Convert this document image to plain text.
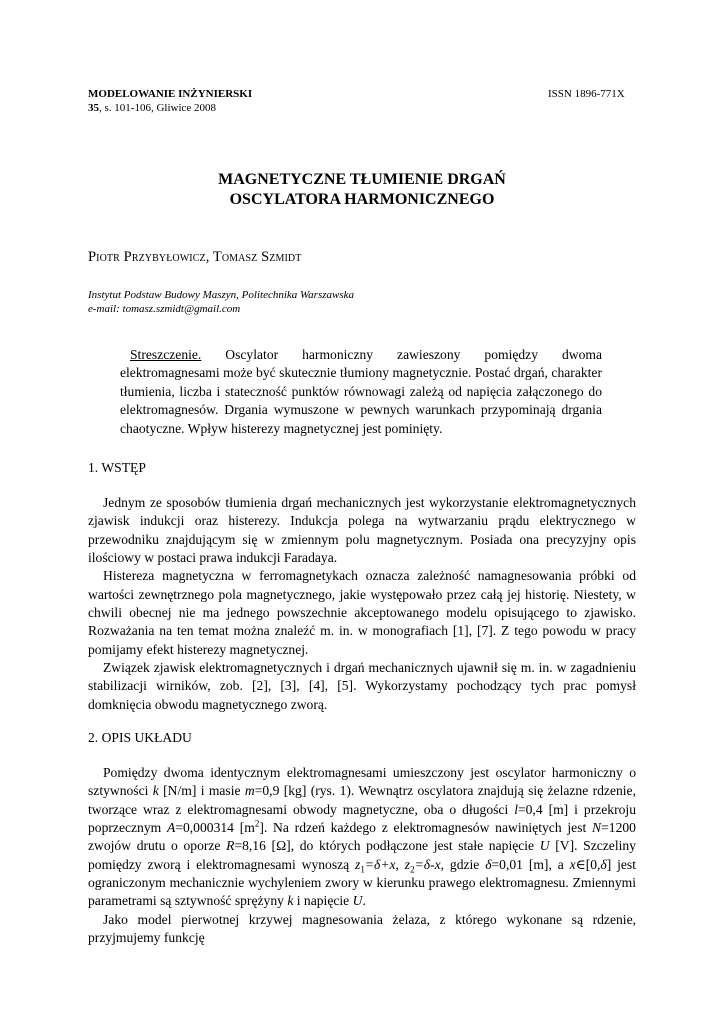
MODELOWANIE INŻYNIERSKI
35, s. 101-106, Gliwice 2008
ISSN 1896-771X
MAGNETYCZNE TŁUMIENIE DRGAŃ
OSCYLATORA HARMONICZNEGO
Piotr Przybyłowicz, Tomasz Szmidt
Instytut Podstaw Budowy Maszyn, Politechnika Warszawska
e-mail: tomasz.szmidt@gmail.com

Streszczenie. Oscylator harmoniczny zawieszony pomiędzy dwoma elektromagnesami może być skutecznie tłumiony magnetycznie. Postać drgań, charakter tłumienia, liczba i stateczność punktów równowagi zależą od napięcia załączonego do elektromagnesów. Drgania wymuszone w pewnych warunkach przypominają drgania chaotyczne. Wpływ histerezy magnetycznej jest pominięty.

1. WSTĘP

Jednym ze sposobów tłumienia drgań mechanicznych jest wykorzystanie elektromagnetycznych zjawisk indukcji oraz histerezy. Indukcja polega na wytwarzaniu prądu elektrycznego w przewodniku znajdującym się w zmiennym polu magnetycznym. Posiada ona precyzyjny opis ilościowy w postaci prawa indukcji Faradaya.

Histereza magnetyczna w ferromagnetykach oznacza zależność namagnesowania próbki od wartości zewnętrznego pola magnetycznego, jakie występowało przez całą jej historię. Niestety, w chwili obecnej nie ma jednego powszechnie akceptowanego modelu opisującego to zjawisko. Rozważania na ten temat można znaleźć m. in. w monografiach [1], [7]. Z tego powodu w pracy pomijamy efekt histerezy magnetycznej.

Związek zjawisk elektromagnetycznych i drgań mechanicznych ujawnił się m. in. w zagadnieniu stabilizacji wirników, zob. [2], [3], [4], [5]. Wykorzystamy pochodzący tych prac pomysł domknięcia obwodu magnetycznego zworą.

2. OPIS UKŁADU

Pomiędzy dwoma identycznym elektromagnesami umieszczony jest oscylator harmoniczny o sztywności k [N/m] i masie m=0,9 [kg] (rys. 1). Wewnątrz oscylatora znajdują się żelazne rdzenie, tworzące wraz z elektromagnesami obwody magnetyczne, oba o długości l=0,4 [m] i przekroju poprzecznym A=0,000314 $[m^2]$. Na rdzeń każdego z elektromagnesów nawiniętych jest N=1200 zwojów drutu o oporze R=8,16 [Ω], do których podłączone jest stałe napięcie U [V]. Szczeliny pomiędzy zworą i elektromagnesami wynoszą $z_1=\delta+x$, $z_2=\delta-x$, gdzie δ=0,01 [m], a x∈[0,δ] jest ograniczonym mechanicznie wychyleniem zwory w kierunku prawego elektromagnesu. Zmiennymi parametrami są sztywność sprężyny k i napięcie U.

Jako model pierwotnej krzywej magnesowania żelaza, z którego wykonane są rdzenie, przyjmujemy funkcję
